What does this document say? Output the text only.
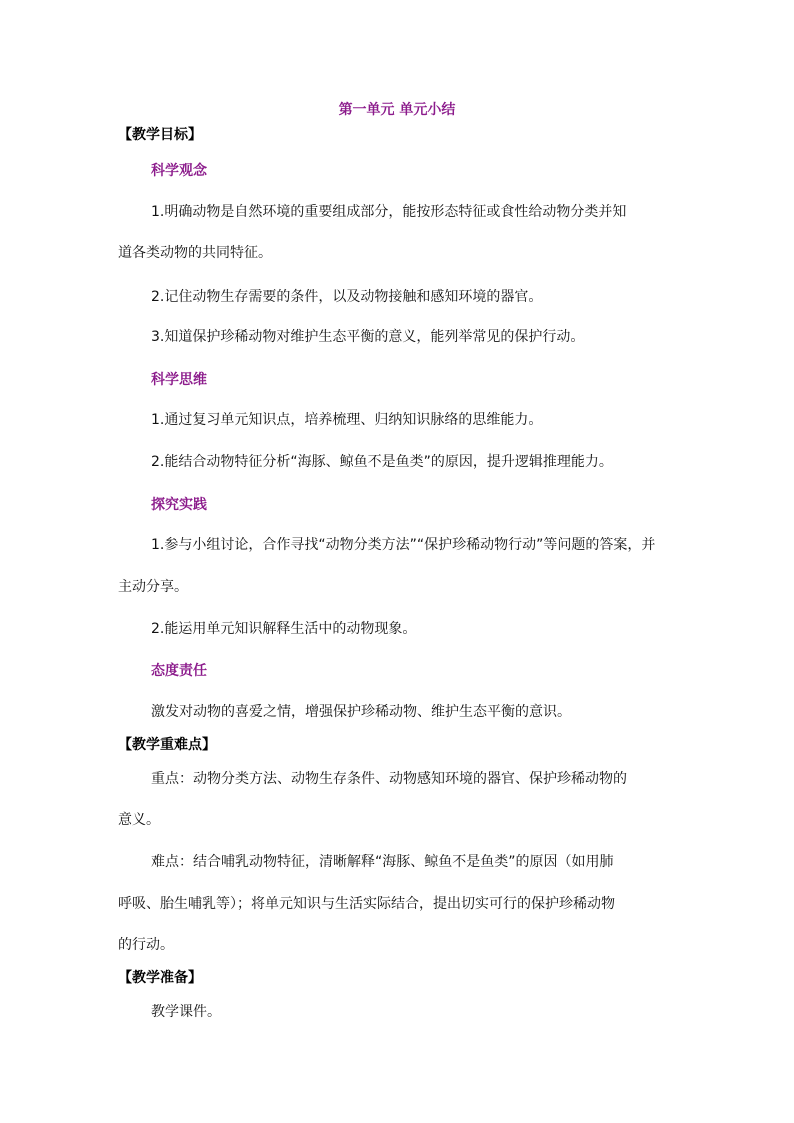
第一单元 单元小结
【教学目标】
科学观念
1.明确动物是自然环境的重要组成部分，能按形态特征或食性给动物分类并知
道各类动物的共同特征。
2.记住动物生存需要的条件，以及动物接触和感知环境的器官。
3.知道保护珍稀动物对维护生态平衡的意义，能列举常见的保护行动。
科学思维
1.通过复习单元知识点，培养梳理、归纳知识脉络的思维能力。
2.能结合动物特征分析“海豚、鲸鱼不是鱼类”的原因，提升逻辑推理能力。
探究实践
1.参与小组讨论，合作寻找“动物分类方法”“保护珍稀动物行动”等问题的答案，并
主动分享。
2.能运用单元知识解释生活中的动物现象。
态度责任
激发对动物的喜爱之情，增强保护珍稀动物、维护生态平衡的意识。
【教学重难点】
重点：动物分类方法、动物生存条件、动物感知环境的器官、保护珍稀动物的
意义。
难点：结合哺乳动物特征，清晰解释“海豚、鲸鱼不是鱼类”的原因（如用肺
呼吸、胎生哺乳等）；将单元知识与生活实际结合，提出切实可行的保护珍稀动物
的行动。
【教学准备】
教学课件。
